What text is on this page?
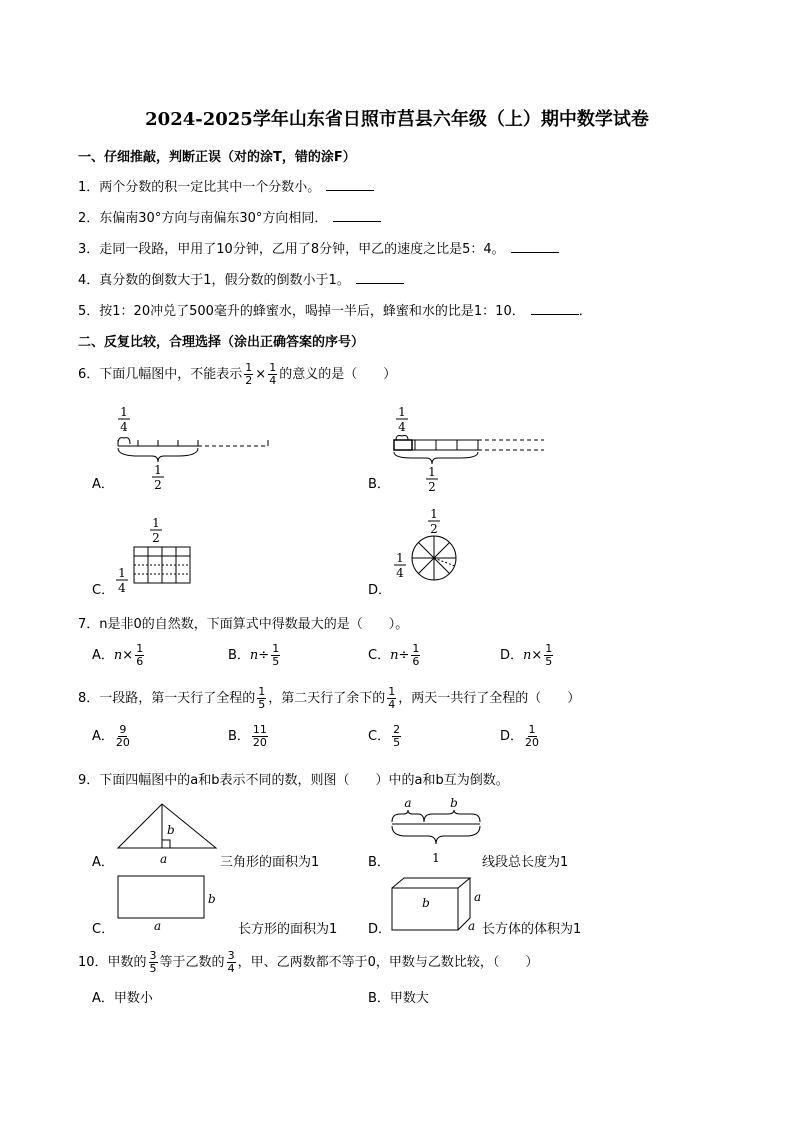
2024-2025学年山东省日照市莒县六年级（上）期中数学试卷
一、仔细推敲，判断正误（对的涂T，错的涂F）
1．两个分数的积一定比其中一个分数小。
2．东偏南30°方向与南偏东30°方向相同．
3．走同一段路，甲用了10分钟，乙用了8分钟，甲乙的速度之比是5：4。
4．真分数的倒数大于1，假分数的倒数小于1。
5．按1：20冲兑了500毫升的蜂蜜水，喝掉一半后，蜂蜜和水的比是1：10．	．
二、反复比较，合理选择（涂出正确答案的序号）
6．下面几幅图中，不能表示 $\frac{1}{2} \times \frac{1}{4}$ 的意义的是（　　）
1
4
1
2
A．
1
4
1
2
B．
1
2
1
4
C．
1
2
1
4
D．
7．n是非0的自然数，下面算式中得数最大的是（　　）。
A．$n\times \frac{1}{6}$	B．$n\div \frac{1}{5}$	C．$n\div \frac{1}{6}$	D．$n\times \frac{1}{5}$
8．一段路，第一天行了全程的 $\frac{1}{5}$ ，第二天行了余下的 $\frac{1}{4}$ ，两天一共行了全程的（　　）
A． $\frac{9}{20}$	B． $\frac{11}{20}$	C． $\frac{2}{5}$	D． $\frac{1}{20}$
9．下面四幅图中的a和b表示不同的数，则图（　　）中的a和b互为倒数。
b
a
A．	三角形的面积为1
a	b
1
B．	线段总长度为1
b
a
C．	长方形的面积为1
b	a
a
D．	长方体的体积为1
10．甲数的 $\frac{3}{5}$ 等于乙数的 $\frac{3}{4}$ ，甲、乙两数都不等于0，甲数与乙数比较，（　　）
A．甲数小	B．甲数大
